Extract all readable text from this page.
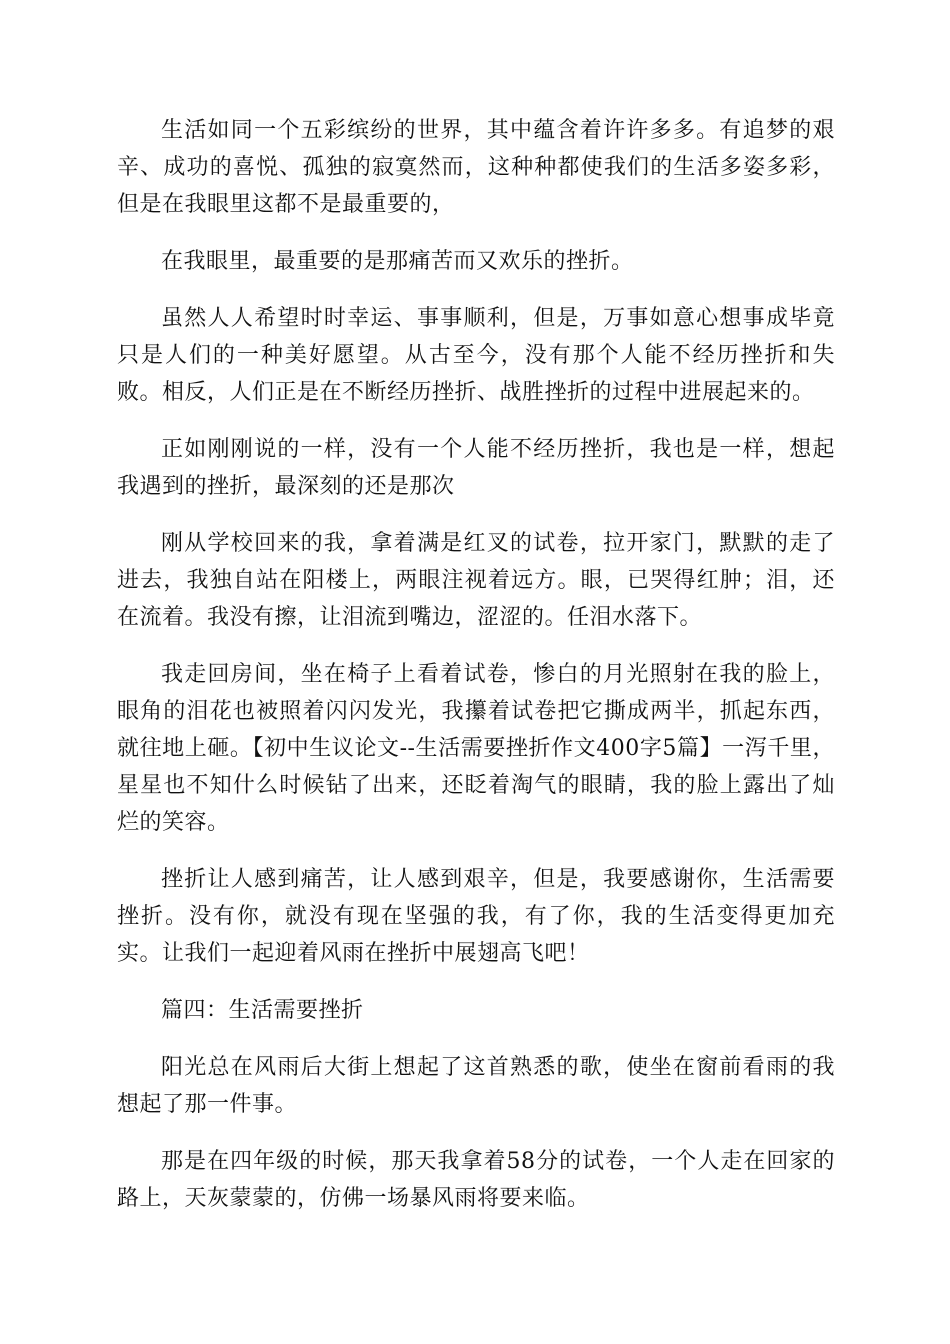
生活如同一个五彩缤纷的世界，其中蕴含着许许多多。有追梦的艰辛、成功的喜悦、孤独的寂寞然而，这种种都使我们的生活多姿多彩，但是在我眼里这都不是最重要的，

在我眼里，最重要的是那痛苦而又欢乐的挫折。

虽然人人希望时时幸运、事事顺利，但是，万事如意心想事成毕竟只是人们的一种美好愿望。从古至今，没有那个人能不经历挫折和失败。相反，人们正是在不断经历挫折、战胜挫折的过程中进展起来的。

正如刚刚说的一样，没有一个人能不经历挫折，我也是一样，想起我遇到的挫折，最深刻的还是那次

刚从学校回来的我，拿着满是红叉的试卷，拉开家门，默默的走了进去，我独自站在阳楼上，两眼注视着远方。眼，已哭得红肿；泪，还在流着。我没有擦，让泪流到嘴边，涩涩的。任泪水落下。

我走回房间，坐在椅子上看着试卷，惨白的月光照射在我的脸上，眼角的泪花也被照着闪闪发光，我攥着试卷把它撕成两半，抓起东西，就往地上砸。【初中生议论文--生活需要挫折作文400字5篇】一泻千里，星星也不知什么时候钻了出来，还眨着淘气的眼睛，我的脸上露出了灿烂的笑容。

挫折让人感到痛苦，让人感到艰辛，但是，我要感谢你，生活需要挫折。没有你，就没有现在坚强的我，有了你，我的生活变得更加充实。让我们一起迎着风雨在挫折中展翅高飞吧！

篇四：生活需要挫折

阳光总在风雨后大街上想起了这首熟悉的歌，使坐在窗前看雨的我想起了那一件事。

那是在四年级的时候，那天我拿着58分的试卷，一个人走在回家的路上，天灰蒙蒙的，仿佛一场暴风雨将要来临。
